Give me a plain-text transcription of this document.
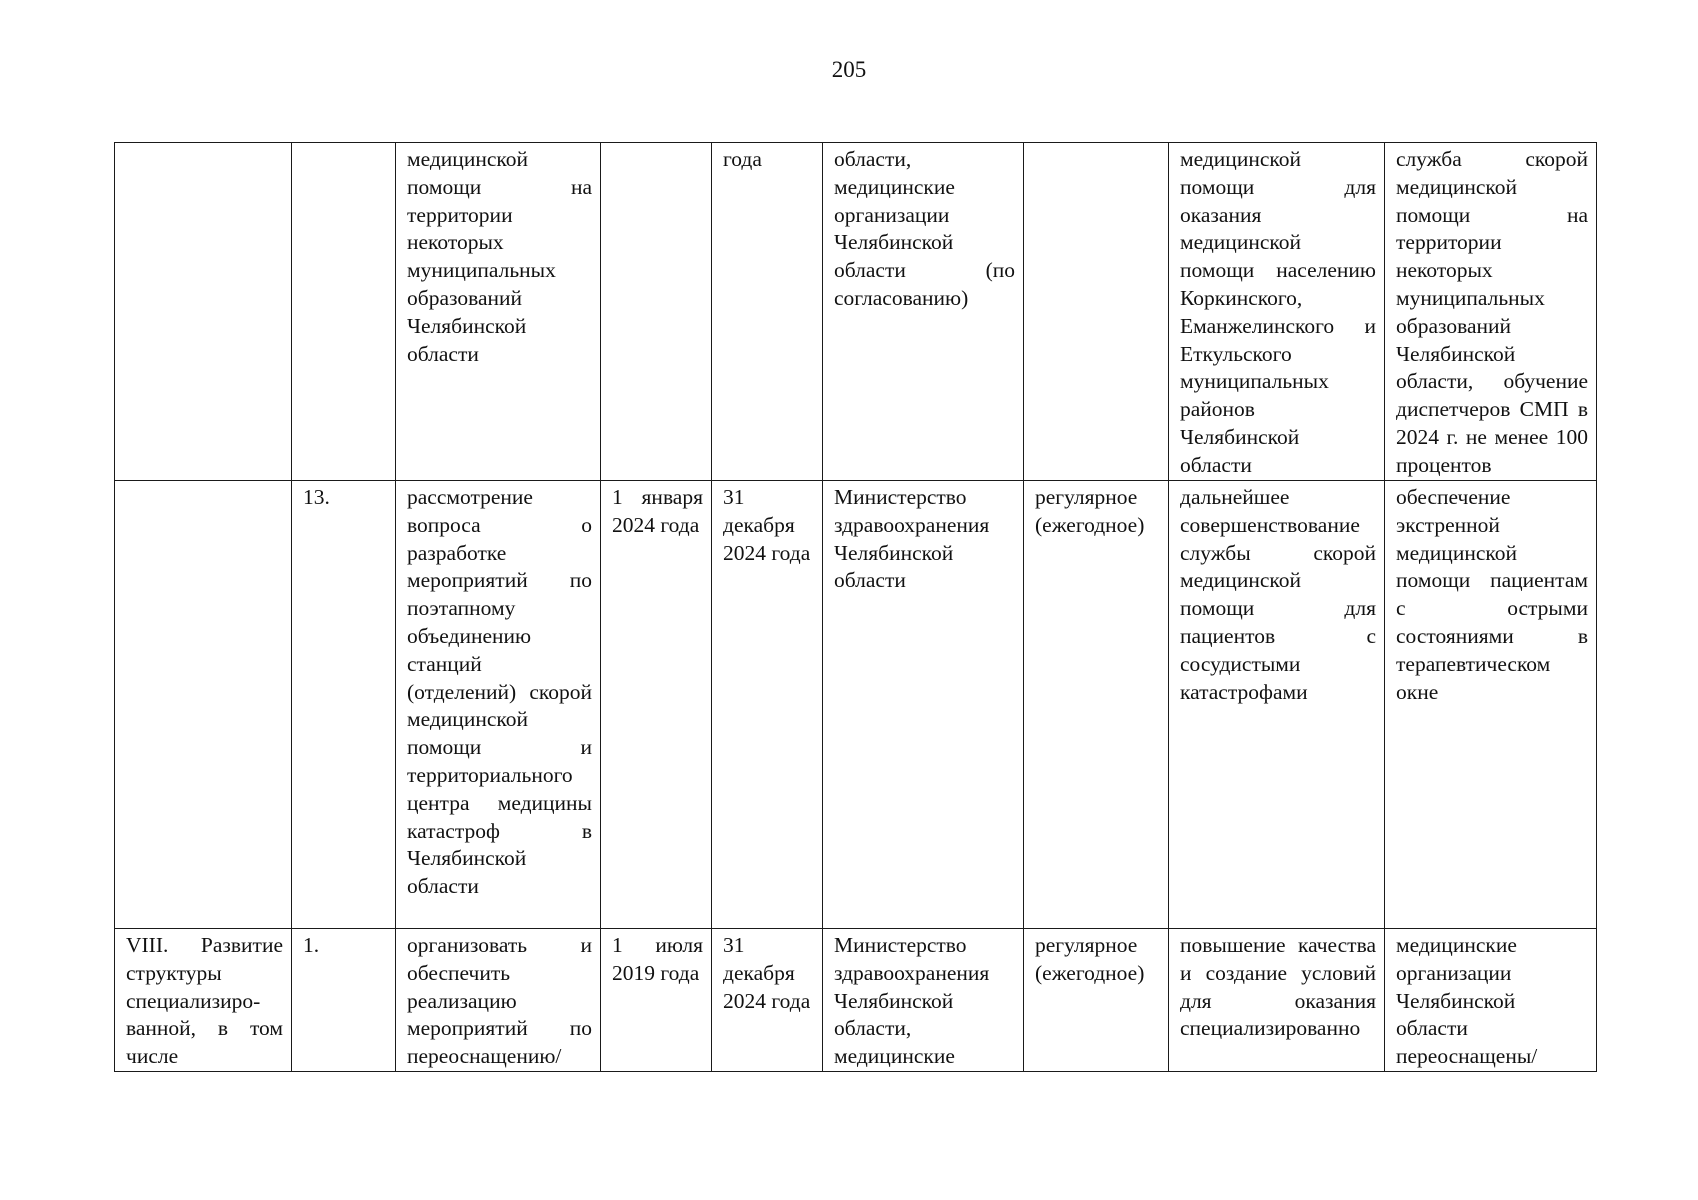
205
		медицинской помощи на территории некоторых муниципальных образований Челябинской области		года	области, медицинские организации Челябинской области (по согласованию)		медицинской помощи для оказания медицинской помощи населению Коркинского, Еманжелинского и Еткульского муниципальных районов Челябинской области	служба скорой медицинской помощи на территории некоторых муниципальных образований Челябинской области, обучение диспетчеров СМП в 2024 г. не менее 100 процентов
	13.	рассмотрение вопроса о разработке мероприятий по поэтапному объединению станций (отделений) скорой медицинской помощи и территориального центра медицины катастроф в Челябинской области	1 января 2024 года	31 декабря 2024 года	Министерство здравоохранения Челябинской области	регулярное (ежегодное)	дальнейшее совершенствование службы скорой медицинской помощи для пациентов с сосудистыми катастрофами	обеспечение экстренной медицинской помощи пациентам с острыми состояниями в терапевтическом окне
VIII. Развитие структуры специализиро-ванной, в том числе	1.	организовать и обеспечить реализацию мероприятий по переоснащению/	1 июля 2019 года	31 декабря 2024 года	Министерство здравоохранения Челябинской области, медицинские	регулярное (ежегодное)	повышение качества и создание условий для оказания специализированно	медицинские организации Челябинской области переоснащены/
